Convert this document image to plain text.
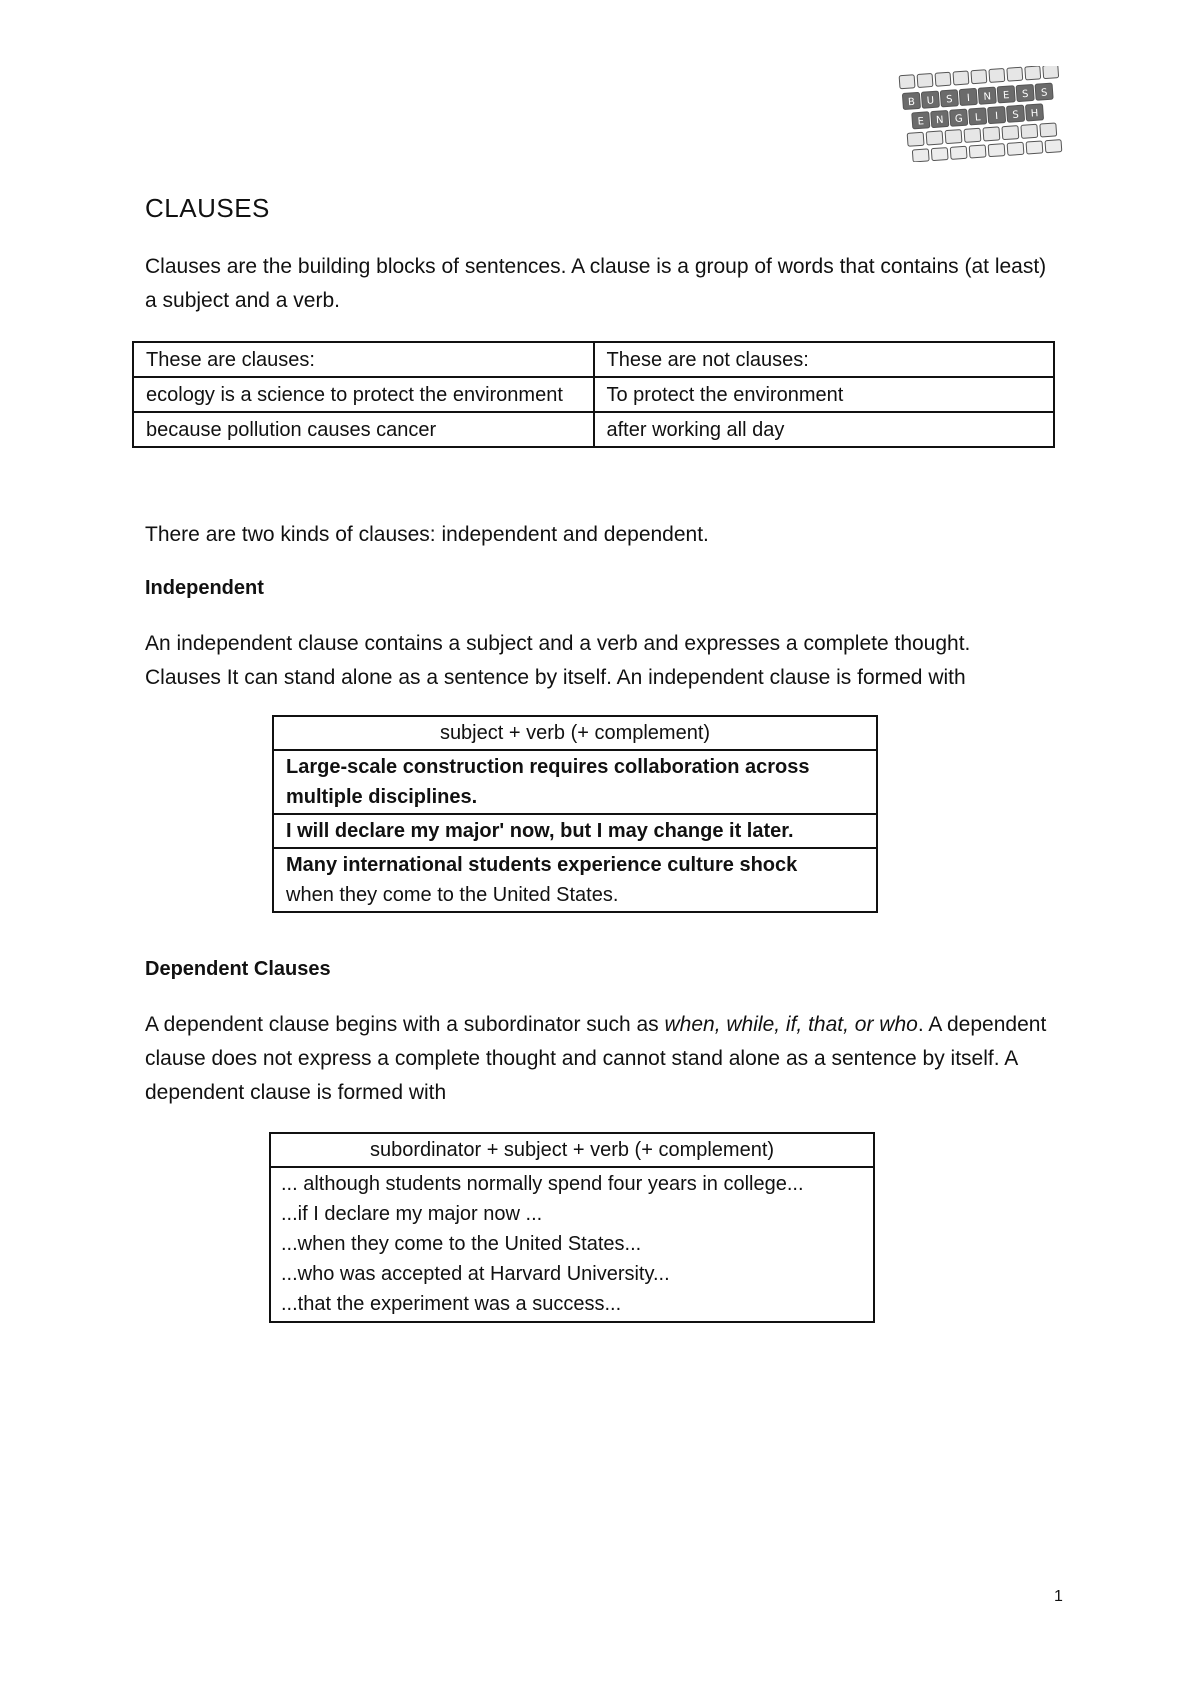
B U S I N E S S
E N G L I S H
CLAUSES

Clauses are the building blocks of sentences. A clause is a group of words that contains (at least) a subject and a verb.

These are clauses:	These are not clauses:
ecology is a science to protect the environment	To protect the environment
because pollution causes cancer	after working all day

There are two kinds of clauses: independent and dependent.

Independent

An independent clause contains a subject and a verb and expresses a complete thought. Clauses It can stand alone as a sentence by itself. An independent clause is formed with

subject + verb (+ complement)
Large-scale construction requires collaboration across multiple disciplines.
I will declare my major' now, but I may change it later.

Many international students experience culture shock
when they come to the United States.
Dependent Clauses

A dependent clause begins with a subordinator such as when, while, if, that, or who. A dependent clause does not express a complete thought and cannot stand alone as a sentence by itself. A dependent clause is formed with

subordinator + subject + verb (+ complement)

... although students normally spend four years in college...
...if I declare my major now ...
...when they come to the United States...
...who was accepted at Harvard University...
...that the experiment was a success...
1
